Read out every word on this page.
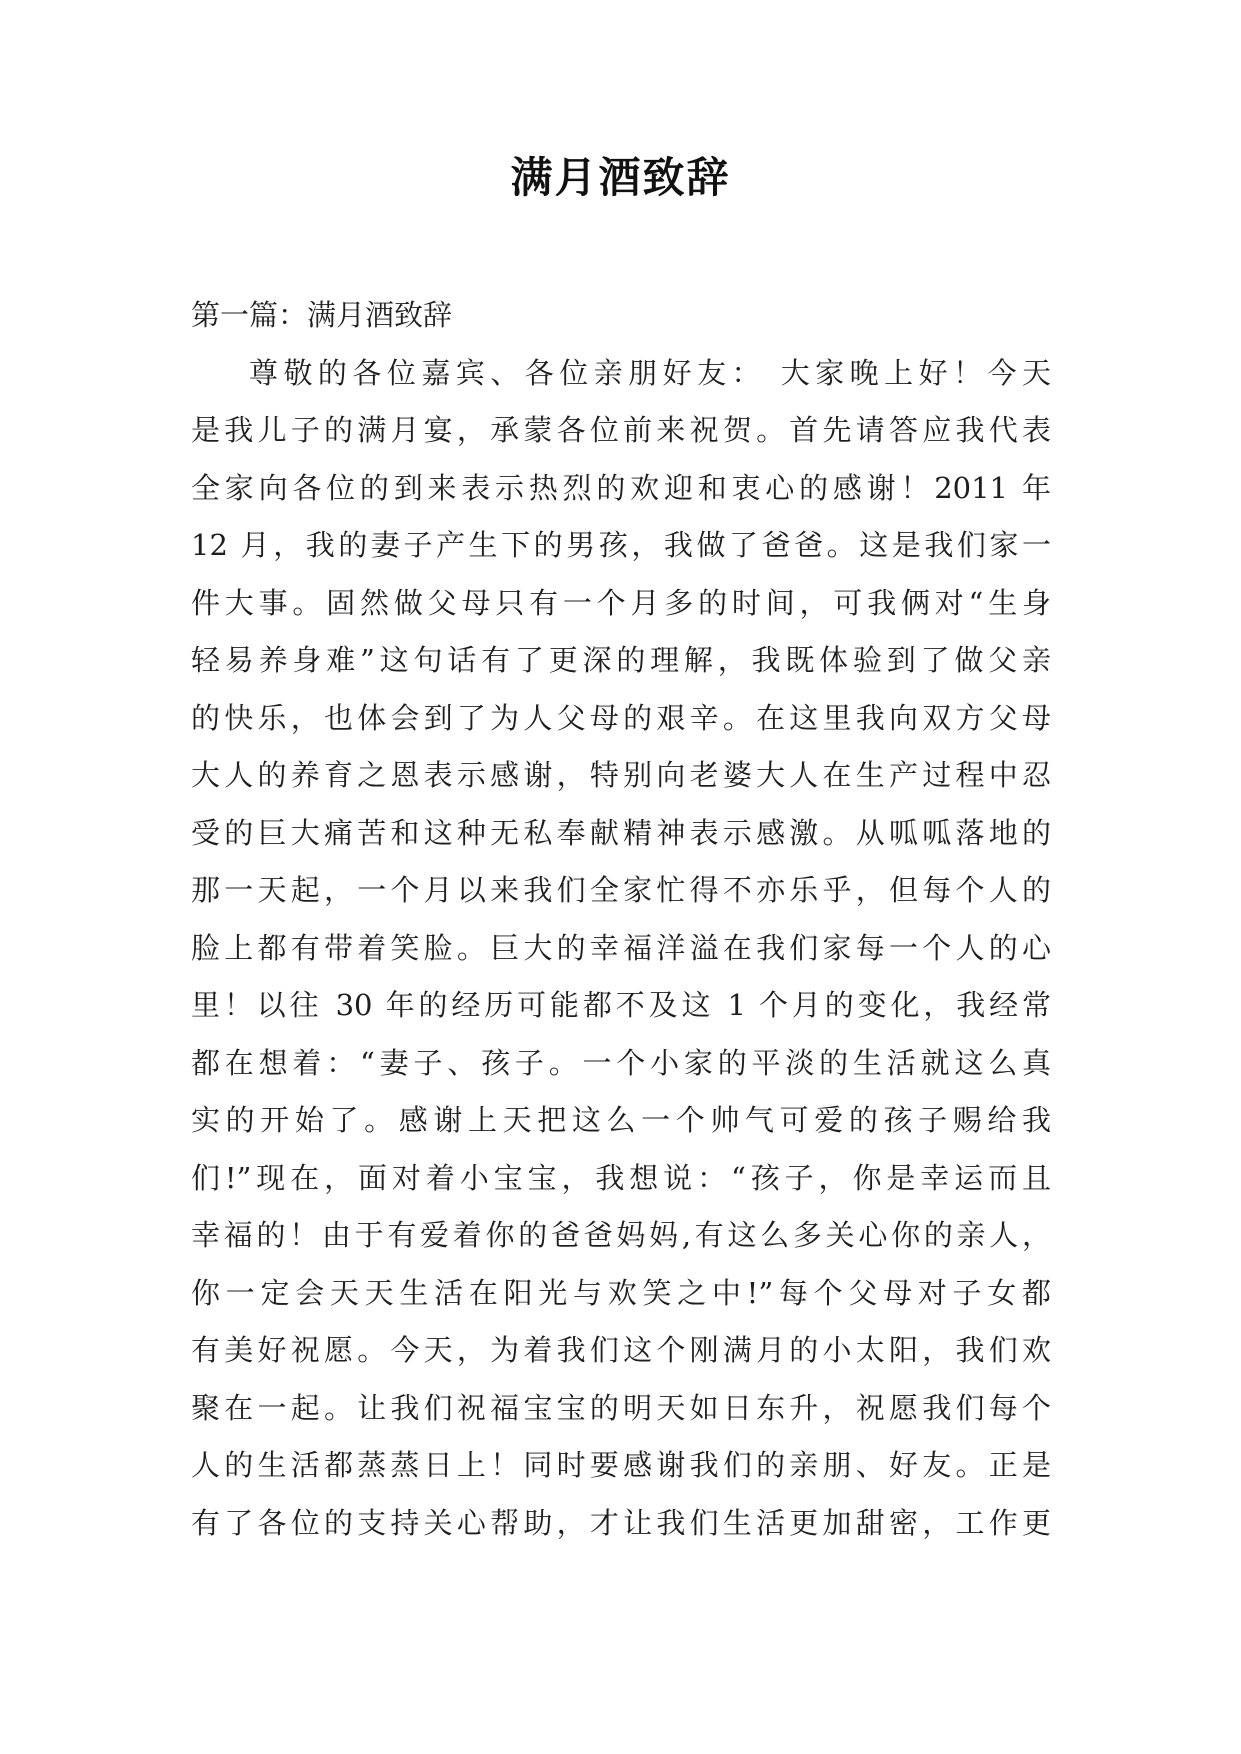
满月酒致辞
第一篇：满月酒致辞
尊敬的各位嘉宾、各位亲朋好友： 大家晚上好！今天
是我儿子的满月宴，承蒙各位前来祝贺。首先请答应我代表
全家向各位的到来表示热烈的欢迎和衷心的感谢！2011 年
12 月，我的妻子产生下的男孩，我做了爸爸。这是我们家一
件大事。固然做父母只有一个月多的时间，可我俩对“生身
轻易养身难”这句话有了更深的理解，我既体验到了做父亲
的快乐，也体会到了为人父母的艰辛。在这里我向双方父母
大人的养育之恩表示感谢，特别向老婆大人在生产过程中忍
受的巨大痛苦和这种无私奉献精神表示感激。从呱呱落地的
那一天起，一个月以来我们全家忙得不亦乐乎，但每个人的
脸上都有带着笑脸。巨大的幸福洋溢在我们家每一个人的心
里！以往 30 年的经历可能都不及这 1 个月的变化，我经常
都在想着：“妻子、孩子。一个小家的平淡的生活就这么真
实的开始了。感谢上天把这么一个帅气可爱的孩子赐给我
们!”现在，面对着小宝宝，我想说：“孩子，你是幸运而且
幸福的！由于有爱着你的爸爸妈妈,有这么多关心你的亲人，
你一定会天天生活在阳光与欢笑之中!”每个父母对子女都
有美好祝愿。今天，为着我们这个刚满月的小太阳，我们欢
聚在一起。让我们祝福宝宝的明天如日东升，祝愿我们每个
人的生活都蒸蒸日上！同时要感谢我们的亲朋、好友。正是
有了各位的支持关心帮助，才让我们生活更加甜密，工作更
